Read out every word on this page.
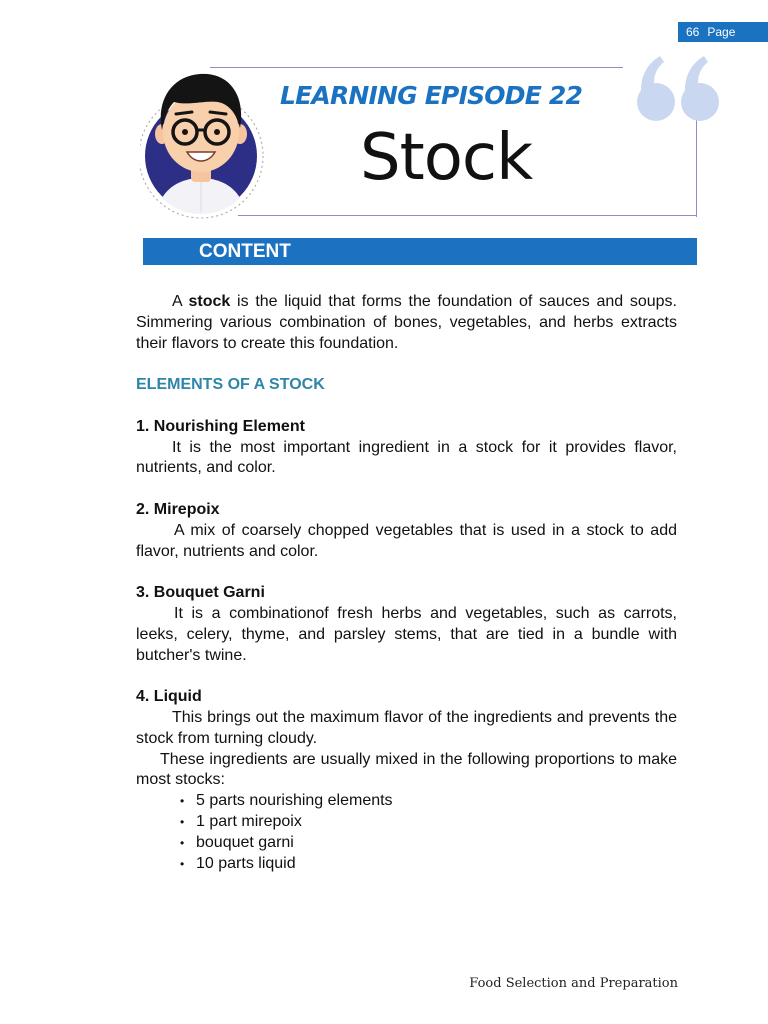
66 Page
LEARNING EPISODE 22
Stock
CONTENT

A stock is the liquid that forms the foundation of sauces and soups. Simmering various combination of bones, vegetables, and herbs extracts their flavors to create this foundation.

ELEMENTS OF A STOCK

1. Nourishing Element

It is the most important ingredient in a stock for it provides flavor, nutrients, and color.

2. Mirepoix

A mix of coarsely chopped vegetables that is used in a stock to add flavor, nutrients and color.

3. Bouquet Garni

It is a combinationof fresh herbs and vegetables, such as carrots, leeks, celery, thyme, and parsley stems, that are tied in a bundle with butcher's twine.

4. Liquid

This brings out the maximum flavor of the ingredients and prevents the stock from turning cloudy.

These ingredients are usually mixed in the following proportions to make most stocks:

• 5 parts nourishing elements
• 1 part mirepoix
• bouquet garni
• 10 parts liquid
Food Selection and Preparation
